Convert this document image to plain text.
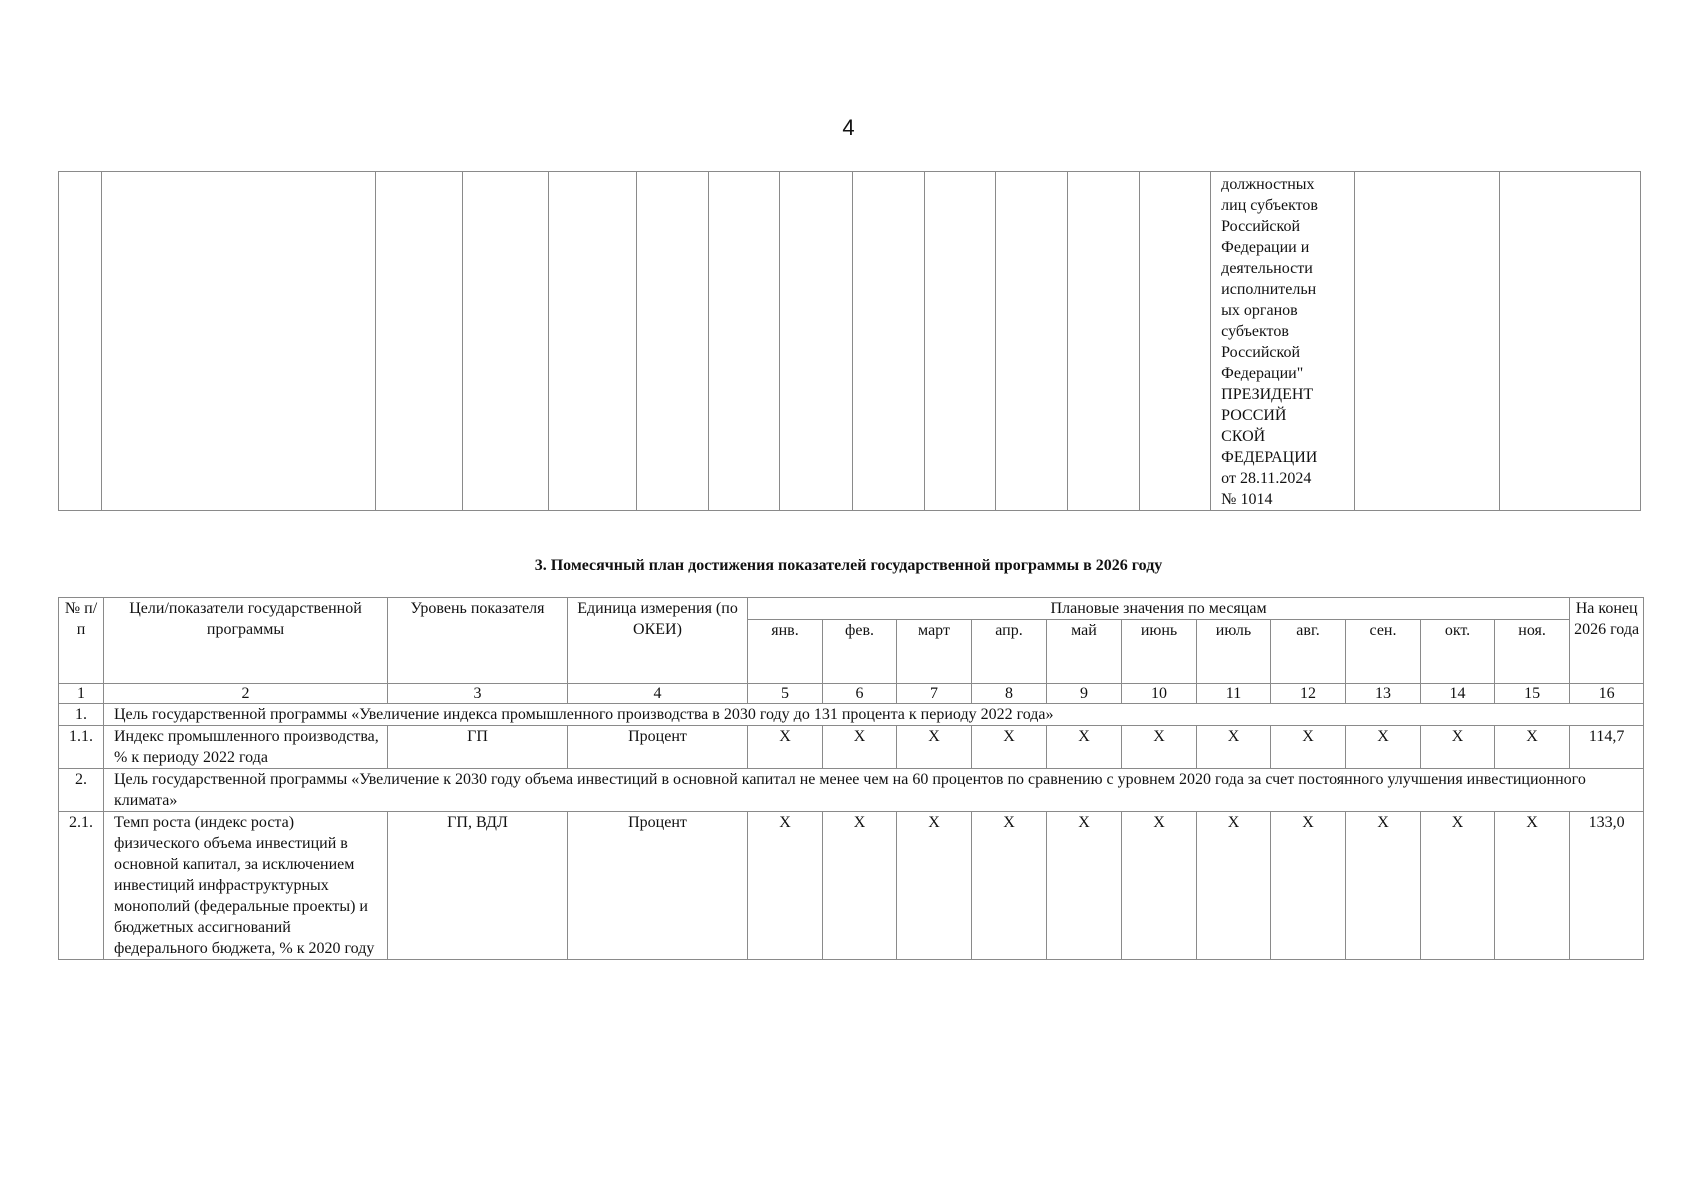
4

должностных
лиц субъектов
Российской
Федерации и
деятельности
исполнительн
ых органов
субъектов
Российской
Федерации"
ПРЕЗИДЕНТ
РОССИЙ
СКОЙ
ФЕДЕРАЦИИ
от 28.11.2024
№ 1014

3. Помесячный план достижения показателей государственной программы в 2026 году
№ п/п	Цели/показатели государственной программы	Уровень показателя	Единица измерения (по ОКЕИ)	Плановые значения по месяцам											На конец 2026 года
				янв.	фев.	март	апр.	май	июнь	июль	авг.	сен.	окт.	ноя.	
1	2	3	4	5	6	7	8	9	10	11	12	13	14	15	16
1.	Цель государственной программы «Увеличение индекса промышленного производства в 2030 году до 131 процента к периоду 2022 года»														
1.1.	Индекс промышленного производства, % к периоду 2022 года	ГП	Процент	X	X	X	X	X	X	X	X	X	X	X	114,7
2.	Цель государственной программы «Увеличение к 2030 году объема инвестиций в основной капитал не менее чем на 60 процентов по сравнению с уровнем 2020 года за счет постоянного улучшения инвестиционного климата»														
2.1.	Темп роста (индекс роста) физического объема инвестиций в основной капитал, за исключением инвестиций инфраструктурных монополий (федеральные проекты) и бюджетных ассигнований федерального бюджета, % к 2020 году	ГП, ВДЛ	Процент	X	X	X	X	X	X	X	X	X	X	X	133,0
